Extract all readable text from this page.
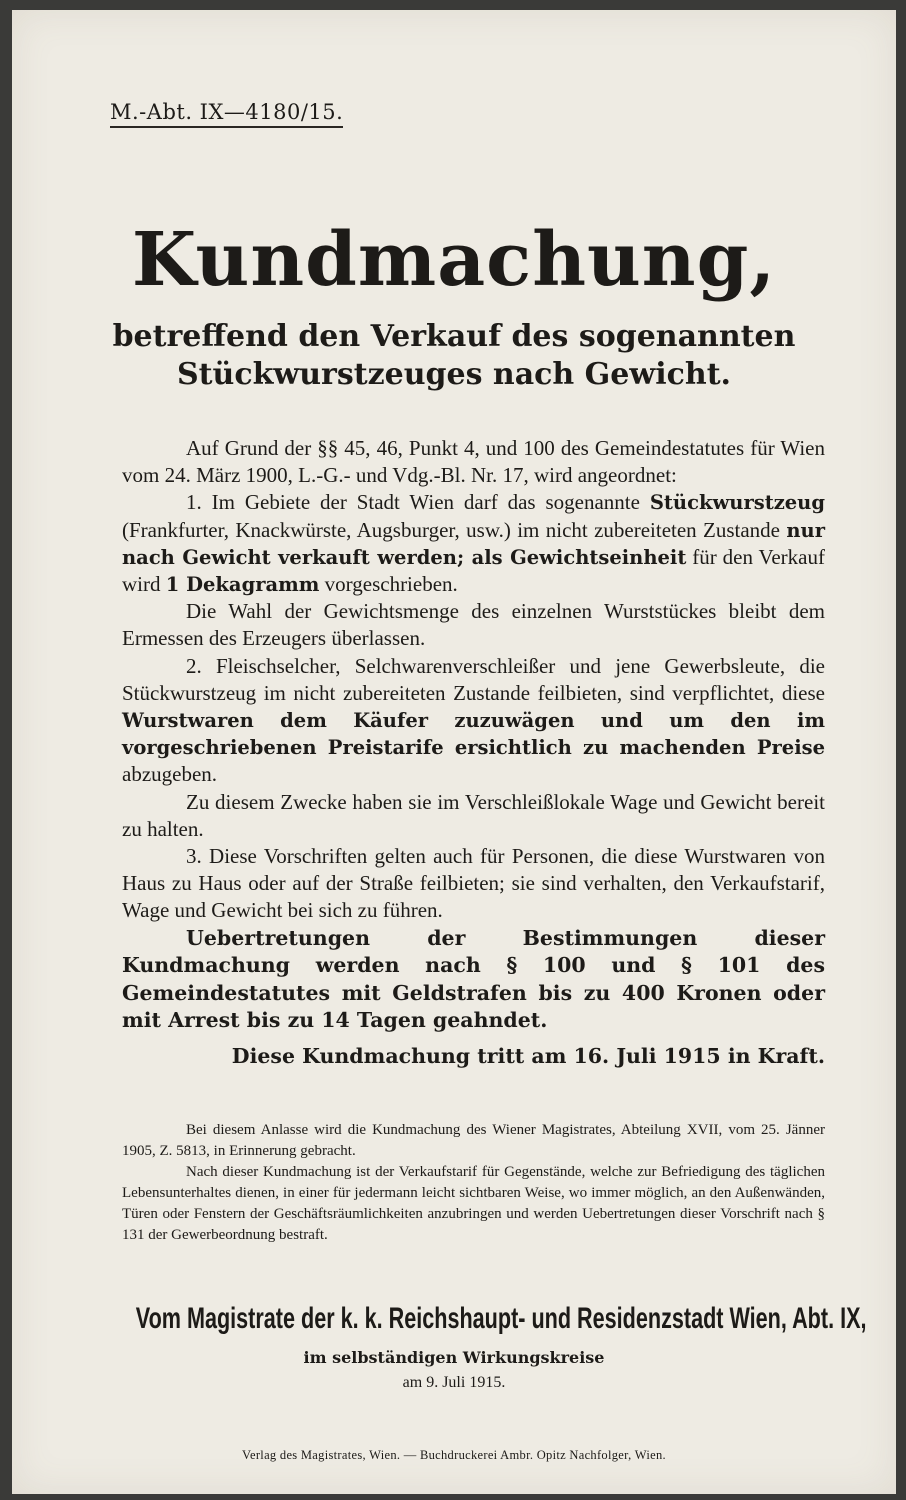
M.-Abt. IX—4180/15.
Kundmachung,
betreffend den Verkauf des sogenannten
Stückwurstzeuges nach Gewicht.

Auf Grund der §§ 45, 46, Punkt 4, und 100 des Gemeindestatutes für Wien vom 24. März 1900, L.-G.- und Vdg.-Bl. Nr. 17, wird angeordnet:

1. Im Gebiete der Stadt Wien darf das sogenannte Stückwurstzeug (Frankfurter, Knackwürste, Augsburger, usw.) im nicht zubereiteten Zustande nur nach Gewicht verkauft werden; als Gewichtseinheit für den Verkauf wird 1 Dekagramm vorgeschrieben.

Die Wahl der Gewichtsmenge des einzelnen Wurststückes bleibt dem Ermessen des Erzeugers überlassen.

2. Fleischselcher, Selchwarenverschleißer und jene Gewerbsleute, die Stückwurstzeug im nicht zubereiteten Zustande feilbieten, sind verpflichtet, diese Wurstwaren dem Käufer zuzuwägen und um den im vorgeschriebenen Preistarife ersichtlich zu machenden Preise abzugeben.

Zu diesem Zwecke haben sie im Verschleißlokale Wage und Gewicht bereit zu halten.

3. Diese Vorschriften gelten auch für Personen, die diese Wurstwaren von Haus zu Haus oder auf der Straße feilbieten; sie sind verhalten, den Verkaufstarif, Wage und Gewicht bei sich zu führen.

Uebertretungen der Bestimmungen dieser Kundmachung werden nach § 100 und § 101 des Gemeindestatutes mit Geldstrafen bis zu 400 Kronen oder mit Arrest bis zu 14 Tagen geahndet.

Diese Kundmachung tritt am 16. Juli 1915 in Kraft.

Bei diesem Anlasse wird die Kundmachung des Wiener Magistrates, Abteilung XVII, vom 25. Jänner 1905, Z. 5813, in Erinnerung gebracht.

Nach dieser Kundmachung ist der Verkaufstarif für Gegenstände, welche zur Befriedigung des täglichen Lebensunterhaltes dienen, in einer für jedermann leicht sichtbaren Weise, wo immer möglich, an den Außenwänden, Türen oder Fenstern der Geschäftsräumlichkeiten anzubringen und werden Uebertretungen dieser Vorschrift nach § 131 der Gewerbeordnung bestraft.

Vom Magistrate der k. k. Reichshaupt- und Residenzstadt Wien, Abt. IX,
im selbständigen Wirkungskreise
am 9. Juli 1915.
Verlag des Magistrates, Wien. — Buchdruckerei Ambr. Opitz Nachfolger, Wien.
